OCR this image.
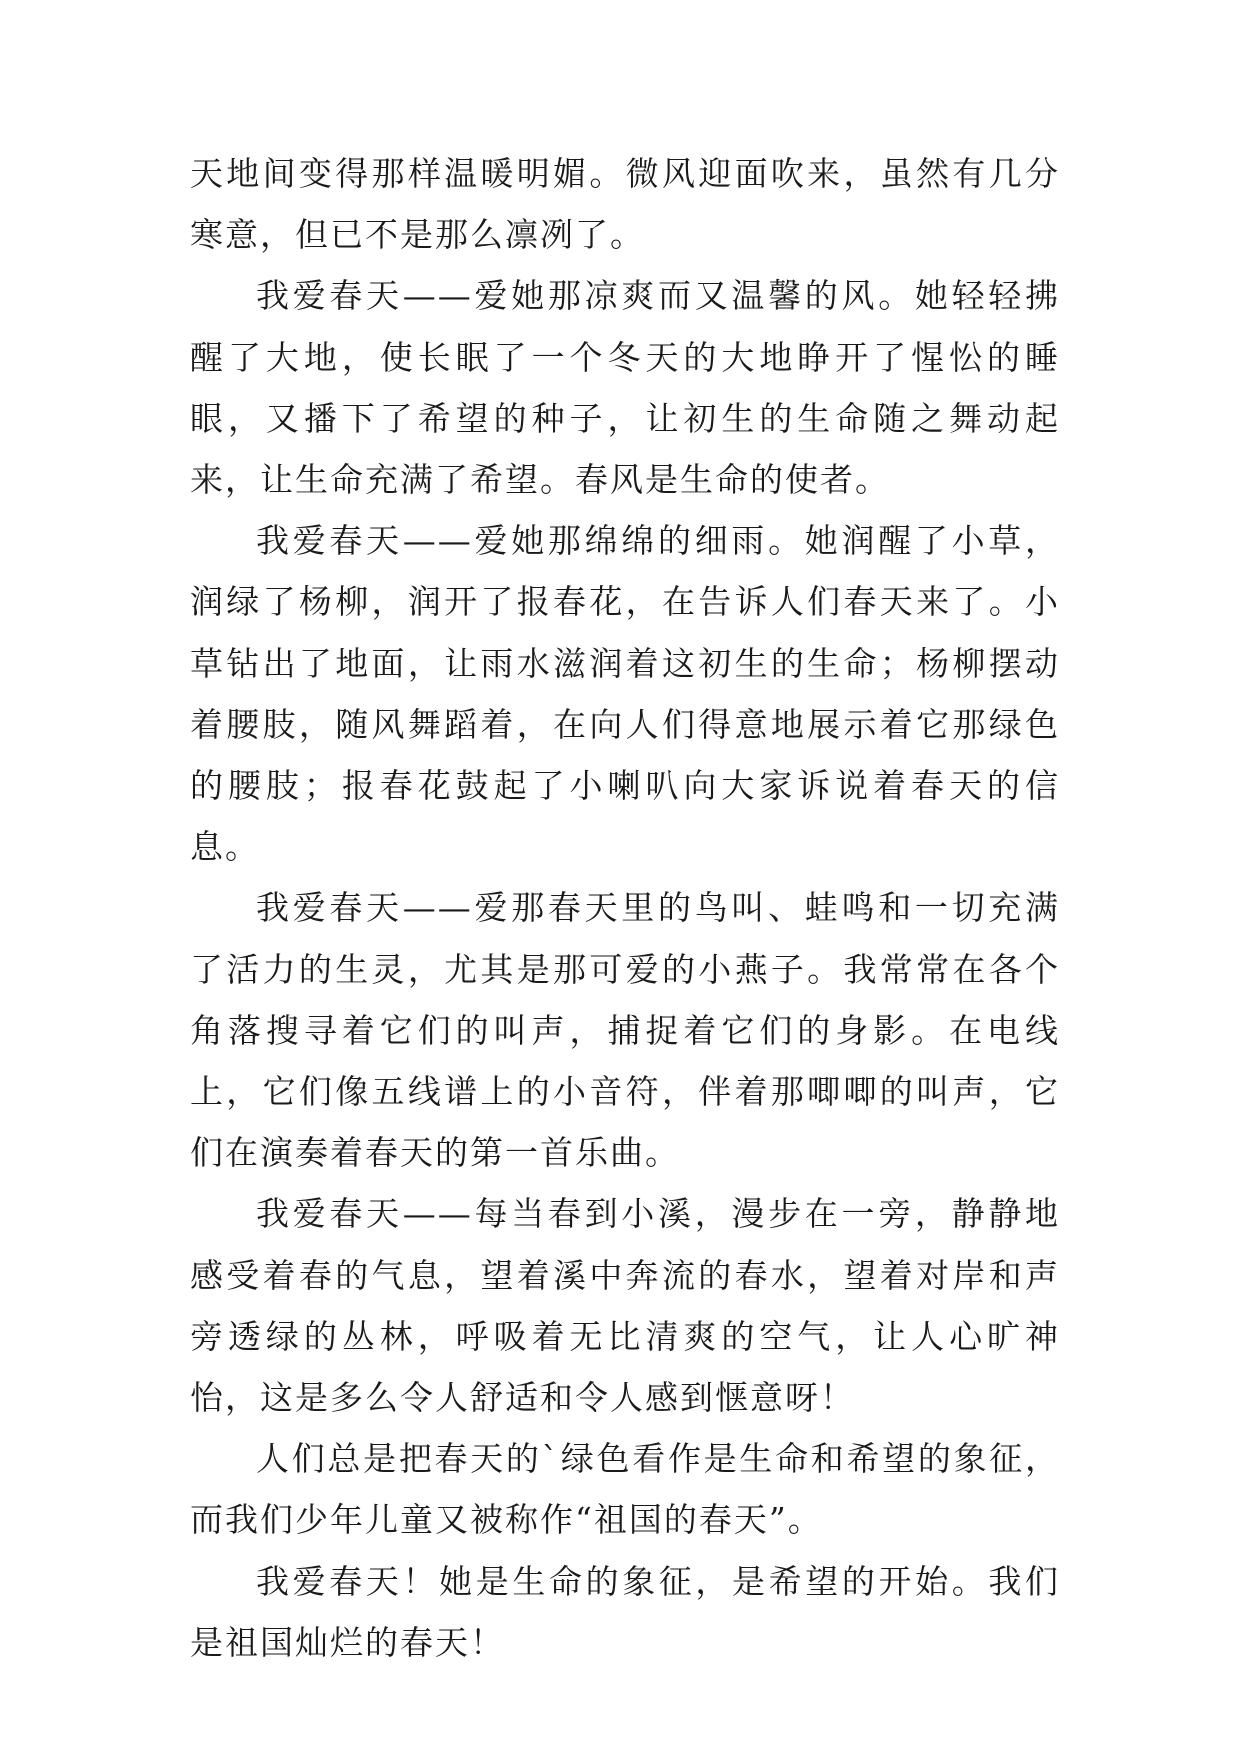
天地间变得那样温暖明媚。微风迎面吹来，虽然有几分寒意，但已不是那么凛冽了。

我爱春天——爱她那凉爽而又温馨的风。她轻轻拂醒了大地，使长眠了一个冬天的大地睁开了惺忪的睡眼，又播下了希望的种子，让初生的生命随之舞动起来，让生命充满了希望。春风是生命的使者。

我爱春天——爱她那绵绵的细雨。她润醒了小草，润绿了杨柳，润开了报春花，在告诉人们春天来了。小草钻出了地面，让雨水滋润着这初生的生命；杨柳摆动着腰肢，随风舞蹈着，在向人们得意地展示着它那绿色的腰肢；报春花鼓起了小喇叭向大家诉说着春天的信息。

我爱春天——爱那春天里的鸟叫、蛙鸣和一切充满了活力的生灵，尤其是那可爱的小燕子。我常常在各个角落搜寻着它们的叫声，捕捉着它们的身影。在电线上，它们像五线谱上的小音符，伴着那唧唧的叫声，它们在演奏着春天的第一首乐曲。

我爱春天——每当春到小溪，漫步在一旁，静静地感受着春的气息，望着溪中奔流的春水，望着对岸和声旁透绿的丛林，呼吸着无比清爽的空气，让人心旷神怡，这是多么令人舒适和令人感到惬意呀！

人们总是把春天的`绿色看作是生命和希望的象征，而我们少年儿童又被称作“祖国的春天”。

我爱春天！她是生命的象征，是希望的开始。我们是祖国灿烂的春天！
